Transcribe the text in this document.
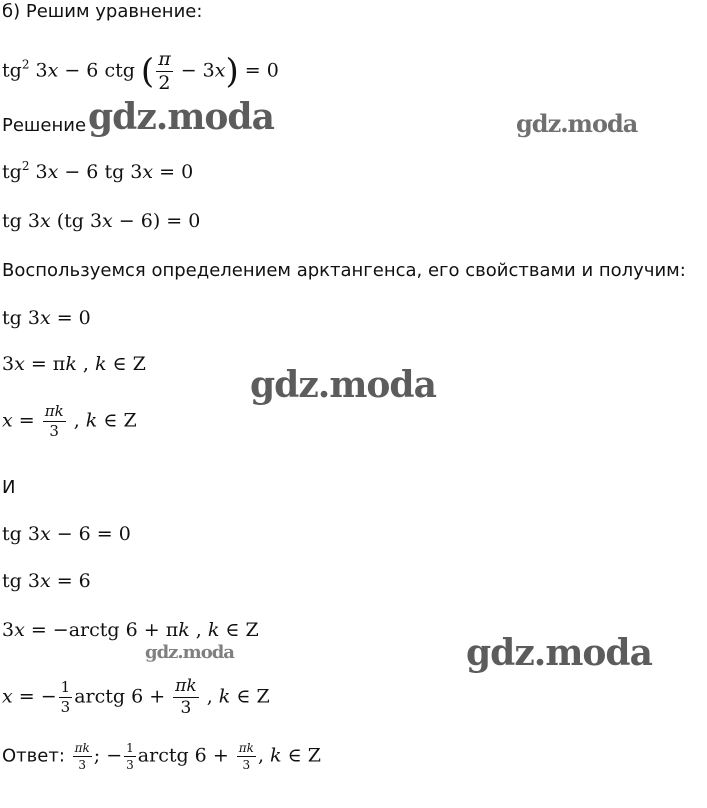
б) Решим уравнение:
$tg^2$ 3x − 6 ctg ( $\frac{\pi}{2} - 3x) = 0$
Решение
$tg^2$ 3x − 6 tg 3x = 0
tg 3x (tg 3x − 6) = 0
Воспользуемся определением арктангенса, его свойствами и получим:
tg 3x = 0
3x = πk , k ∈ Z
$x = \frac{\pi k}{3}$ , k ∈ Z
И
tg 3x − 6 = 0
tg 3x = 6
3x = −arctg 6 + πk , k ∈ Z
x = − $\frac{1}{3}$ arctg $6 + \frac{\pi k}{3}$ , k ∈ Z
Ответ: $\frac{\pi k}{3}$ ; − $\frac{1}{3}$ arctg $6 + \frac{\pi k}{3}$ , k ∈ Z
gdz.moda	gdz.moda
gdz.moda
gdz.moda	gdz.moda
